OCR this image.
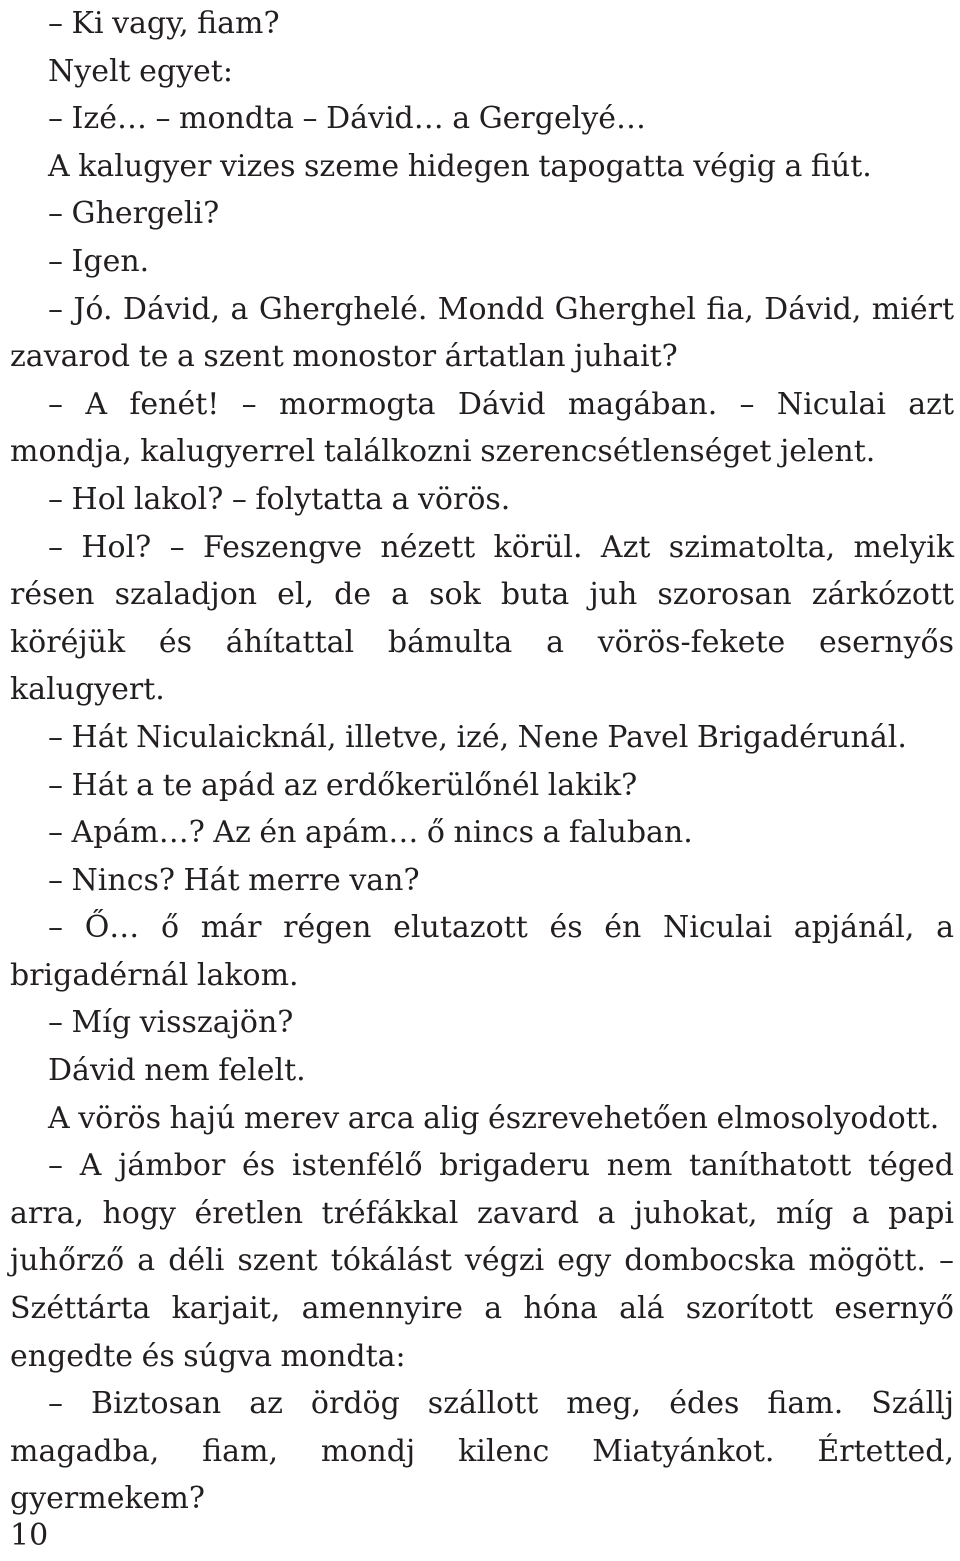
– Ki vagy, fiam?

Nyelt egyet:

– Izé… – mondta – Dávid… a Gergelyé…

A kalugyer vizes szeme hidegen tapogatta végig a fiút.

– Ghergeli?

– Igen.

– Jó. Dávid, a Gherghelé. Mondd Gherghel fia, Dávid, miért zavarod te a szent monostor ártatlan juhait?

– A fenét! – mormogta Dávid magában. – Niculai azt mondja, kalugyerrel találkozni szerencsétlenséget jelent.

– Hol lakol? – folytatta a vörös.

– Hol? – Feszengve nézett körül. Azt szimatolta, melyik résen szaladjon el, de a sok buta juh szorosan zárkózott köréjük és áhítattal bámulta a vörös-fekete esernyős kalugyert.

– Hát Niculaicknál, illetve, izé, Nene Pavel Brigadérunál.

– Hát a te apád az erdőkerülőnél lakik?

– Apám…? Az én apám… ő nincs a faluban.

– Nincs? Hát merre van?

– Ő… ő már régen elutazott és én Niculai apjánál, a brigadérnál lakom.

– Míg visszajön?

Dávid nem felelt.

A vörös hajú merev arca alig észrevehetően elmosolyodott.

– A jámbor és istenfélő brigaderu nem taníthatott téged arra, hogy éretlen tréfákkal zavard a juhokat, míg a papi juhőrző a déli szent tókálást végzi egy dombocska mögött. – Széttárta karjait, amennyire a hóna alá szorított esernyő engedte és súgva mondta:

– Biztosan az ördög szállott meg, édes fiam. Szállj magadba, fiam, mondj kilenc Miatyánkot. Értetted, gyermekem?

10
